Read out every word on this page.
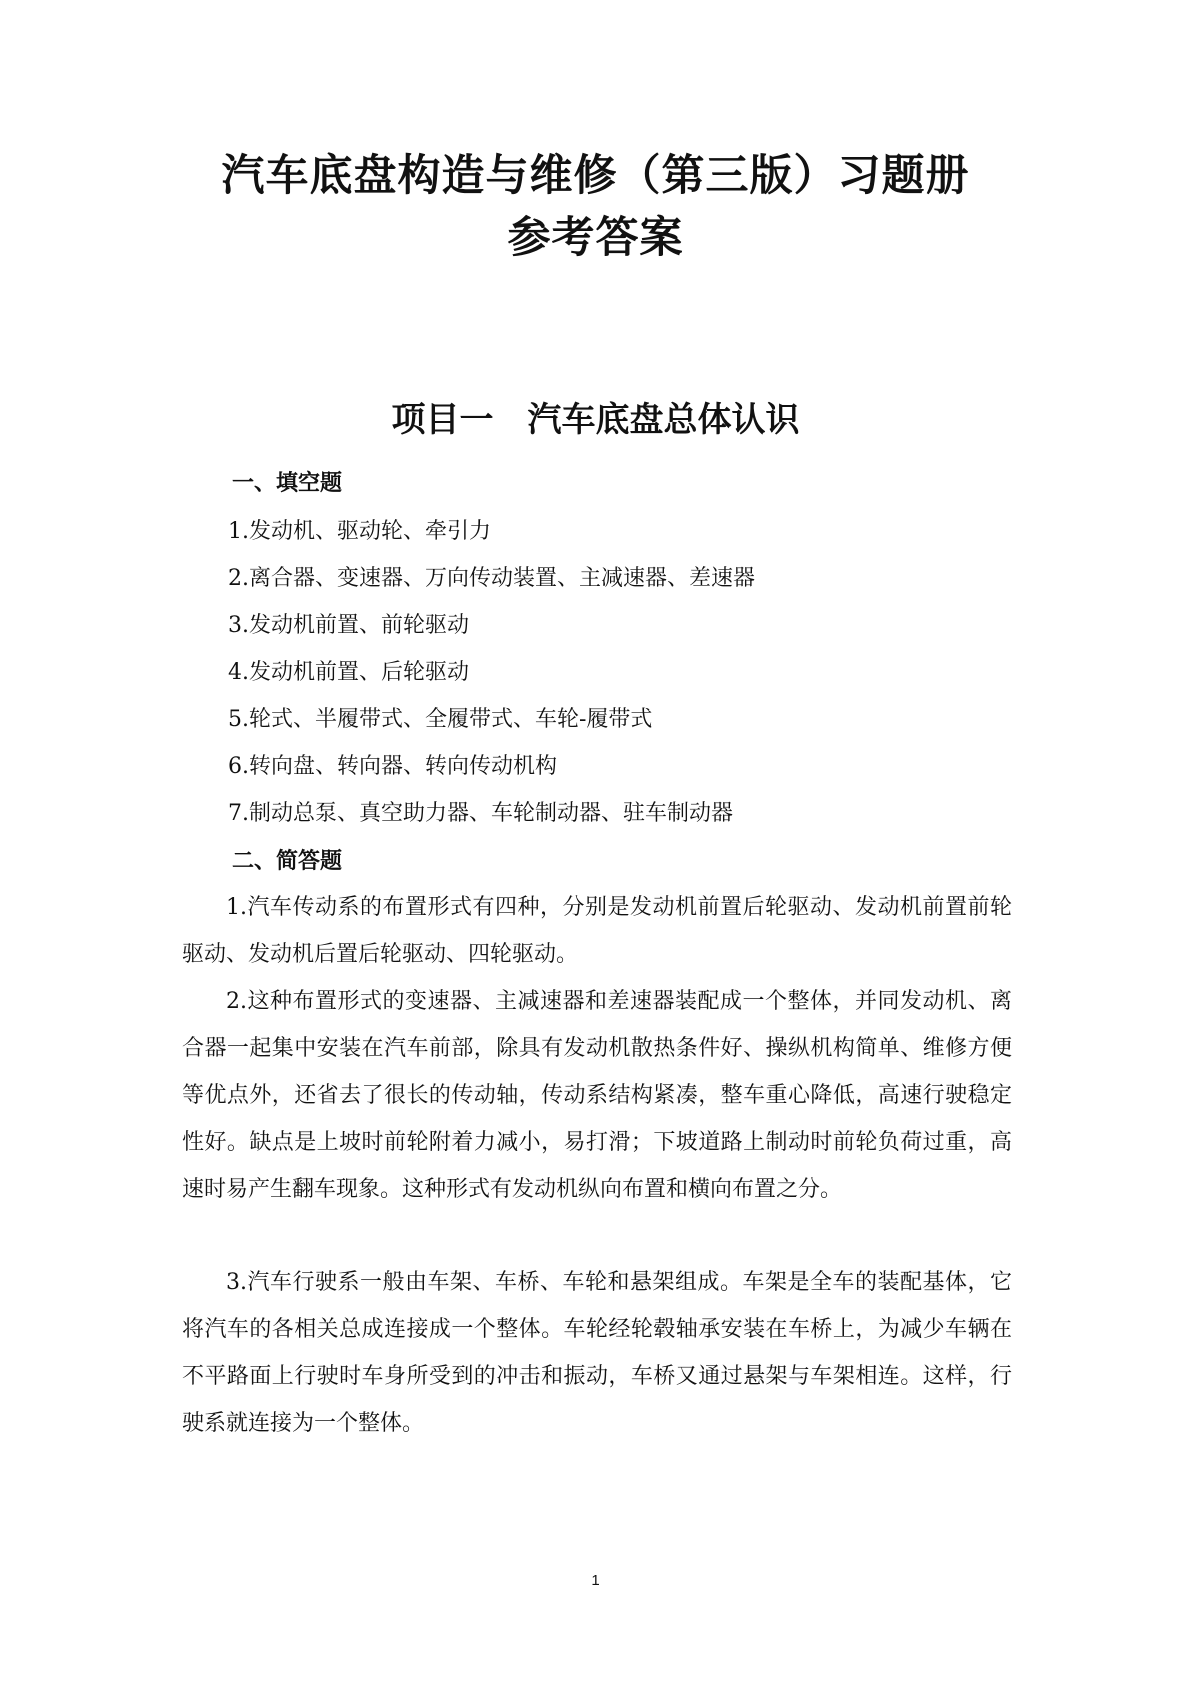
汽车底盘构造与维修（第三版）习题册
参考答案
项目一　汽车底盘总体认识
一、填空题
1.发动机、驱动轮、牵引力
2.离合器、变速器、万向传动装置、主减速器、差速器
3.发动机前置、前轮驱动
4.发动机前置、后轮驱动
5.轮式、半履带式、全履带式、车轮-履带式
6.转向盘、转向器、转向传动机构
7.制动总泵、真空助力器、车轮制动器、驻车制动器
二、简答题

1.汽车传动系的布置形式有四种，分别是发动机前置后轮驱动、发动机前置前轮驱动、发动机后置后轮驱动、四轮驱动。

2.这种布置形式的变速器、主减速器和差速器装配成一个整体，并同发动机、离合器一起集中安装在汽车前部，除具有发动机散热条件好、操纵机构简单、维修方便等优点外，还省去了很长的传动轴，传动系结构紧凑，整车重心降低，高速行驶稳定性好。缺点是上坡时前轮附着力减小，易打滑；下坡道路上制动时前轮负荷过重，高速时易产生翻车现象。这种形式有发动机纵向布置和横向布置之分。

3.汽车行驶系一般由车架、车桥、车轮和悬架组成。车架是全车的装配基体，它将汽车的各相关总成连接成一个整体。车轮经轮毂轴承安装在车桥上，为减少车辆在不平路面上行驶时车身所受到的冲击和振动，车桥又通过悬架与车架相连。这样，行驶系就连接为一个整体。

1
